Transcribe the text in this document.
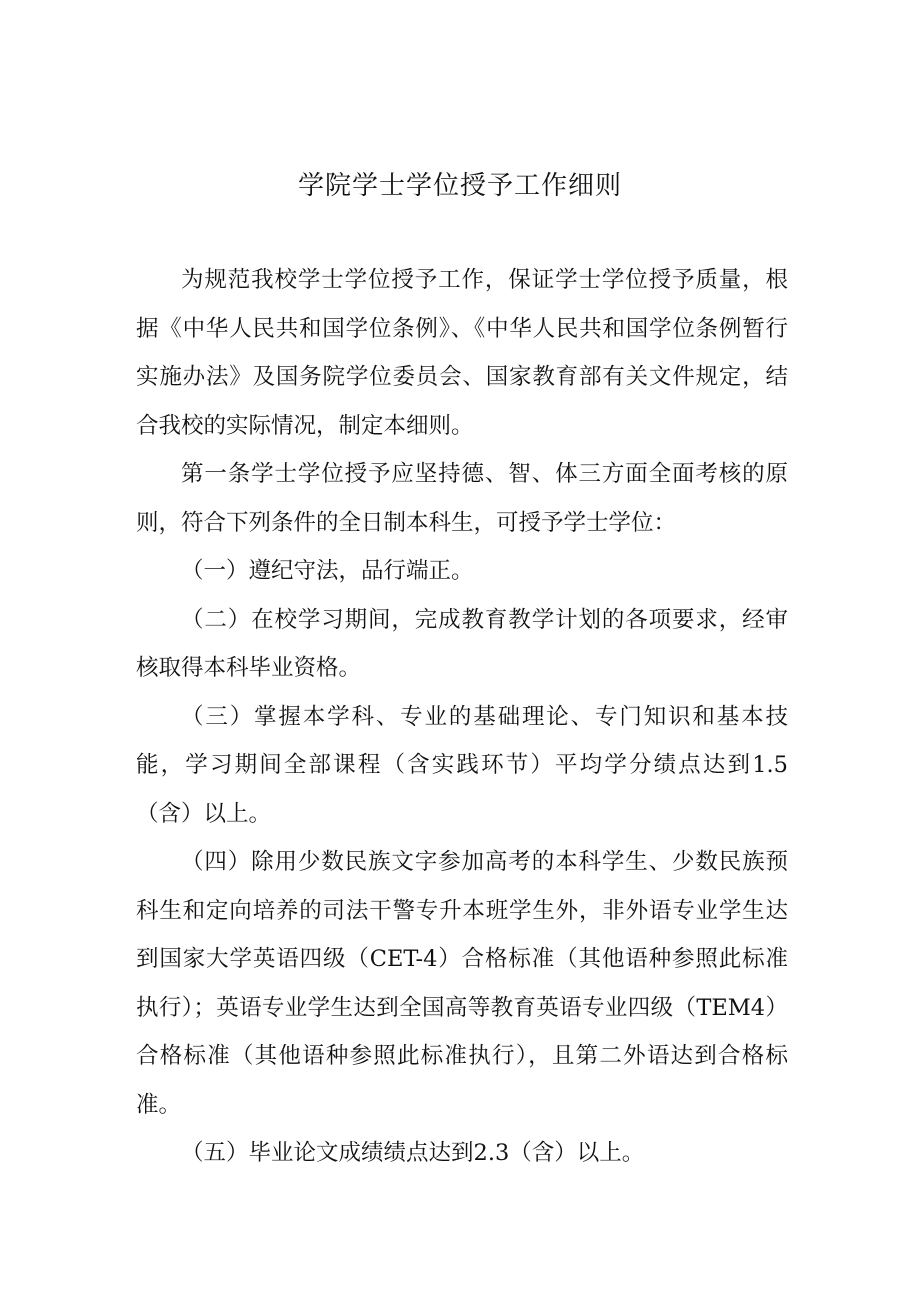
学院学士学位授予工作细则

为规范我校学士学位授予工作，保证学士学位授予质量，根据《中华人民共和国学位条例》、《中华人民共和国学位条例暂行实施办法》及国务院学位委员会、国家教育部有关文件规定，结合我校的实际情况，制定本细则。

第一条学士学位授予应坚持德、智、体三方面全面考核的原则，符合下列条件的全日制本科生，可授予学士学位：

（一）遵纪守法，品行端正。

（二）在校学习期间，完成教育教学计划的各项要求，经审核取得本科毕业资格。

（三）掌握本学科、专业的基础理论、专门知识和基本技能，学习期间全部课程（含实践环节）平均学分绩点达到1.5（含）以上。

（四）除用少数民族文字参加高考的本科学生、少数民族预科生和定向培养的司法干警专升本班学生外，非外语专业学生达到国家大学英语四级（CET-4）合格标准（其他语种参照此标准执行）；英语专业学生达到全国高等教育英语专业四级（TEM4）合格标准（其他语种参照此标准执行），且第二外语达到合格标准。

（五）毕业论文成绩绩点达到2.3（含）以上。
